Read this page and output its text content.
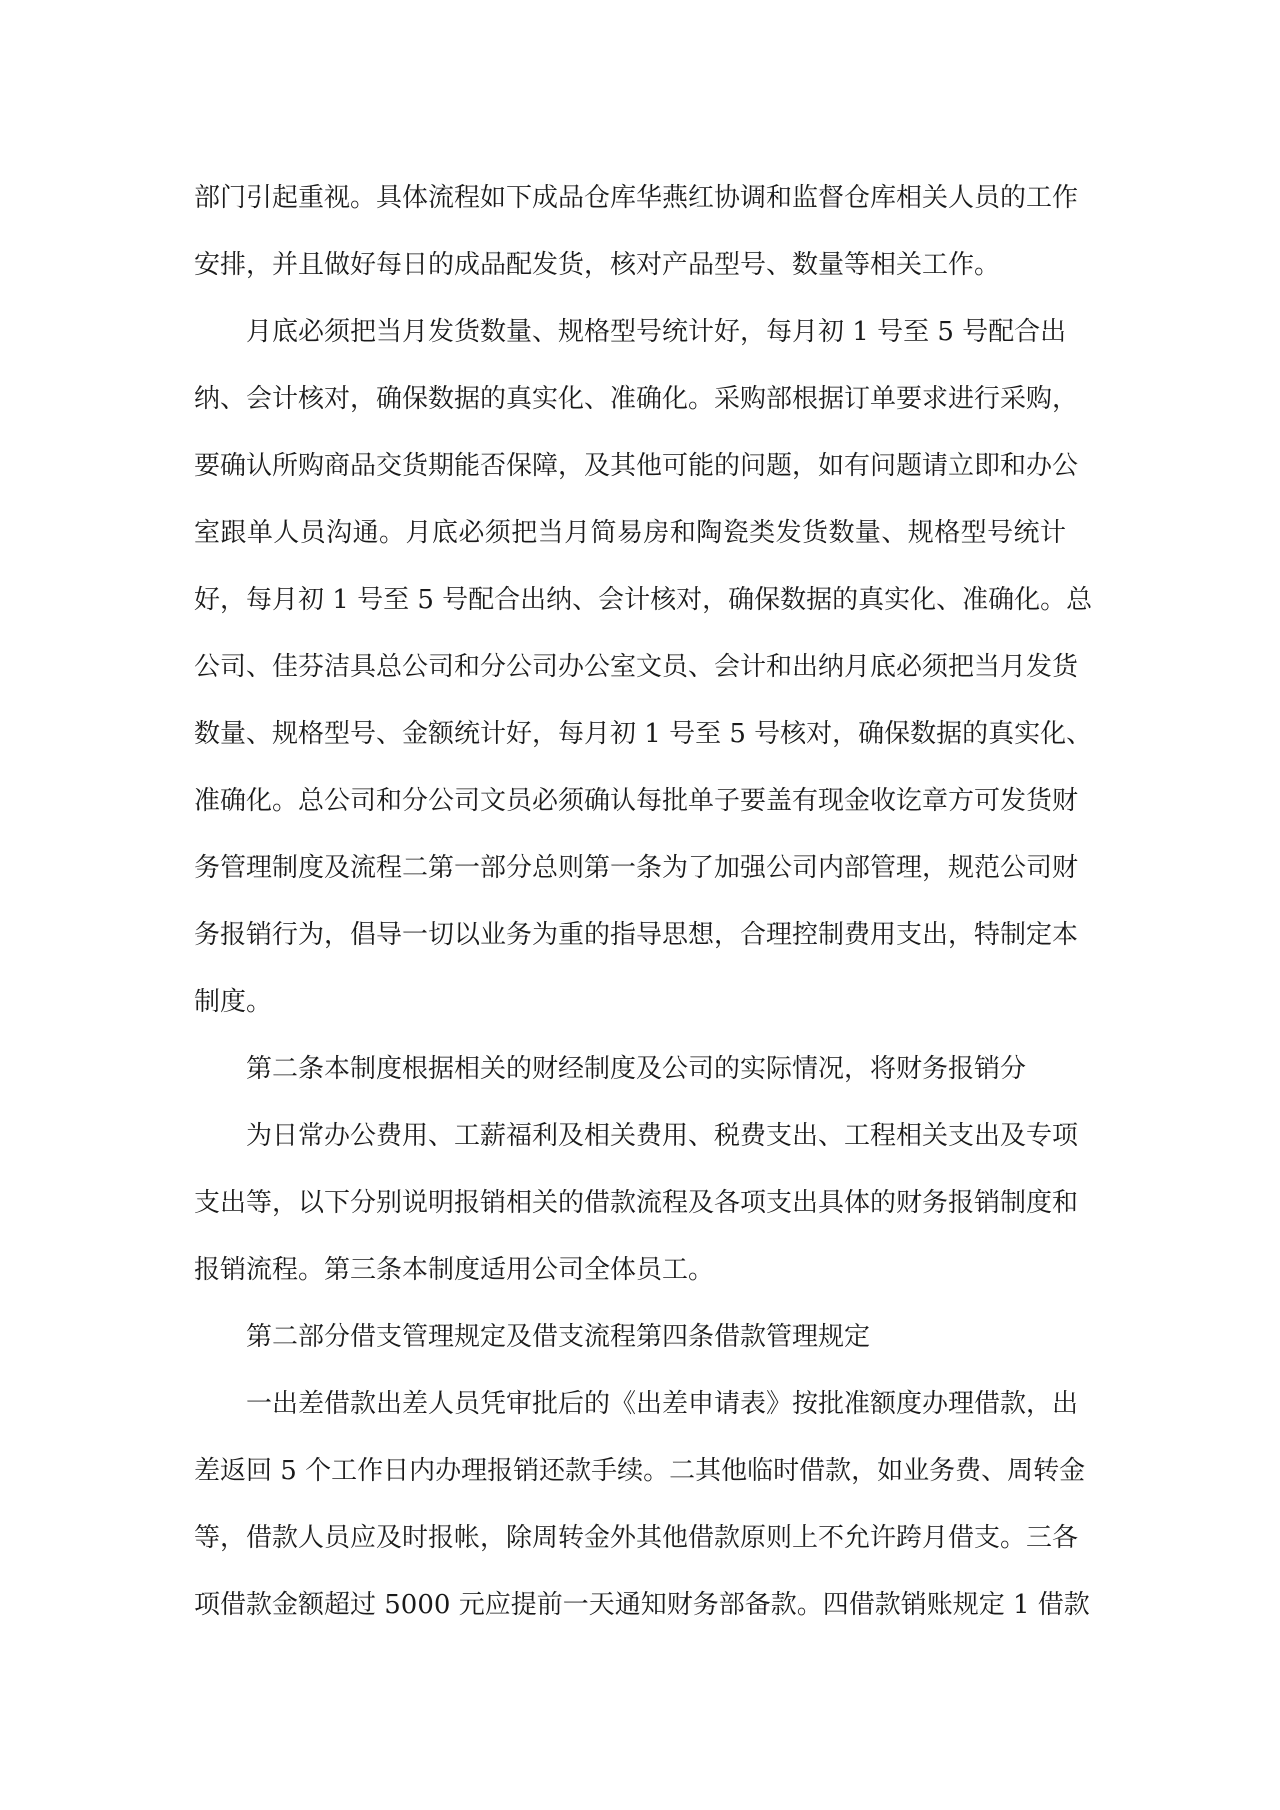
部门引起重视。具体流程如下成品仓库华燕红协调和监督仓库相关人员的工作
安排，并且做好每日的成品配发货，核对产品型号、数量等相关工作。
月底必须把当月发货数量、规格型号统计好，每月初 1 号至 5 号配合出
纳、会计核对，确保数据的真实化、准确化。采购部根据订单要求进行采购，
要确认所购商品交货期能否保障，及其他可能的问题，如有问题请立即和办公
室跟单人员沟通。月底必须把当月简易房和陶瓷类发货数量、规格型号统计
好，每月初 1 号至 5 号配合出纳、会计核对，确保数据的真实化、准确化。总
公司、佳芬洁具总公司和分公司办公室文员、会计和出纳月底必须把当月发货
数量、规格型号、金额统计好，每月初 1 号至 5 号核对，确保数据的真实化、
准确化。总公司和分公司文员必须确认每批单子要盖有现金收讫章方可发货财
务管理制度及流程二第一部分总则第一条为了加强公司内部管理，规范公司财
务报销行为，倡导一切以业务为重的指导思想，合理控制费用支出，特制定本
制度。
第二条本制度根据相关的财经制度及公司的实际情况，将财务报销分
为日常办公费用、工薪福利及相关费用、税费支出、工程相关支出及专项
支出等，以下分别说明报销相关的借款流程及各项支出具体的财务报销制度和
报销流程。第三条本制度适用公司全体员工。
第二部分借支管理规定及借支流程第四条借款管理规定
一出差借款出差人员凭审批后的《出差申请表》按批准额度办理借款，出
差返回 5 个工作日内办理报销还款手续。二其他临时借款，如业务费、周转金
等，借款人员应及时报帐，除周转金外其他借款原则上不允许跨月借支。三各
项借款金额超过 5000 元应提前一天通知财务部备款。四借款销账规定 1 借款
